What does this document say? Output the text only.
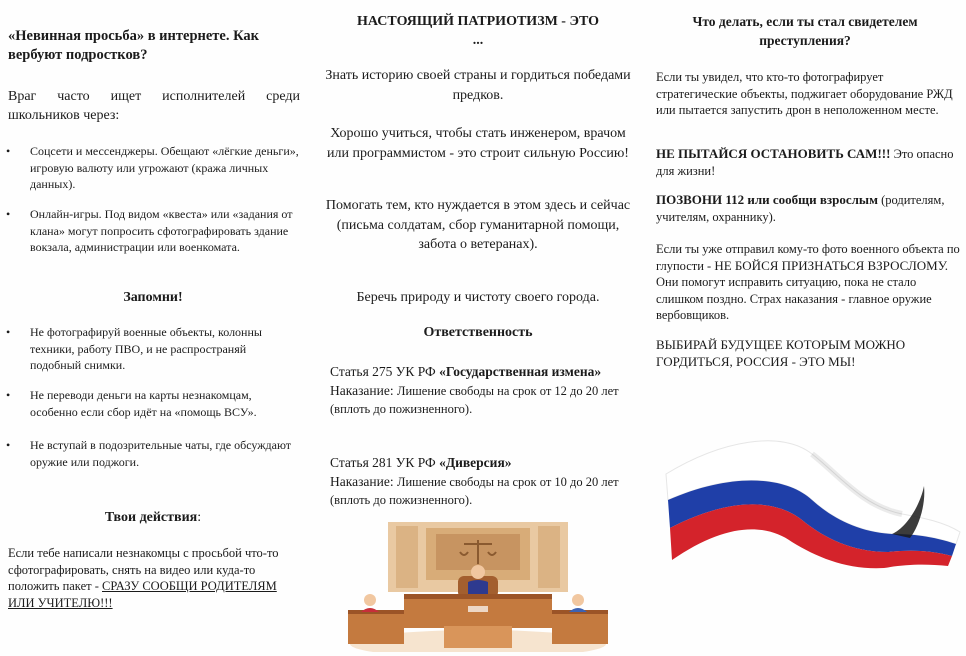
«Невинная просьба» в интернете. Как вербуют подростков?
Враг часто ищет исполнителей среди
школьников через:
• Соцсети и мессенджеры. Обещают «лёгкие деньги», игровую валюту или угрожают (кража личных данных).
• Онлайн-игры. Под видом «квеста» или «задания от клана» могут попросить сфотографировать здание вокзала, администрации или военкомата.
Запомни!
• Не фотографируй военные объекты, колонны техники, работу ПВО, и не распространяй подобный снимки.
• Не переводи деньги на карты незнакомцам, особенно если сбор идёт на «помощь ВСУ».
• Не вступай в подозрительные чаты, где обсуждают оружие или поджоги.
Твои действия:

Если тебе написали незнакомцы с просьбой что-то сфотографировать, снять на видео или куда-то положить пакет - СРАЗУ СООБЩИ РОДИТЕЛЯМ ИЛИ УЧИТЕЛЮ!!!

НАСТОЯЩИЙ ПАТРИОТИЗМ - ЭТО
...

Знать историю своей страны и гордиться победами предков.

Хорошо учиться, чтобы стать инженером, врачом или программистом - это строит сильную Россию!

Помогать тем, кто нуждается в этом здесь и сейчас (письма солдатам, сбор гуманитарной помощи, забота о ветеранах).

Беречь природу и чистоту своего города.

Ответственность
Статья 275 УК РФ «Государственная измена»
Наказание: Лишение свободы на срок от 12 до 20 лет (вплоть до пожизненного).
Статья 281 УК РФ «Диверсия»
Наказание: Лишение свободы на срок от 10 до 20 лет (вплоть до пожизненного).
Что делать, если ты стал свидетелем преступления?

Если ты увидел, что кто-то фотографирует стратегические объекты, поджигает оборудование РЖД или пытается запустить дрон в неположенном месте.

НЕ ПЫТАЙСЯ ОСТАНОВИТЬ САМ!!! Это опасно для жизни!

ПОЗВОНИ 112 или сообщи взрослым (родителям, учителям, охраннику).

Если ты уже отправил кому-то фото военного объекта по глупости - НЕ БОЙСЯ ПРИЗНАТЬСЯ ВЗРОСЛОМУ. Они помогут исправить ситуацию, пока не стало слишком поздно. Страх наказания - главное оружие вербовщиков.

ВЫБИРАЙ БУДУЩЕЕ КОТОРЫМ МОЖНО ГОРДИТЬСЯ, РОССИЯ - ЭТО МЫ!
